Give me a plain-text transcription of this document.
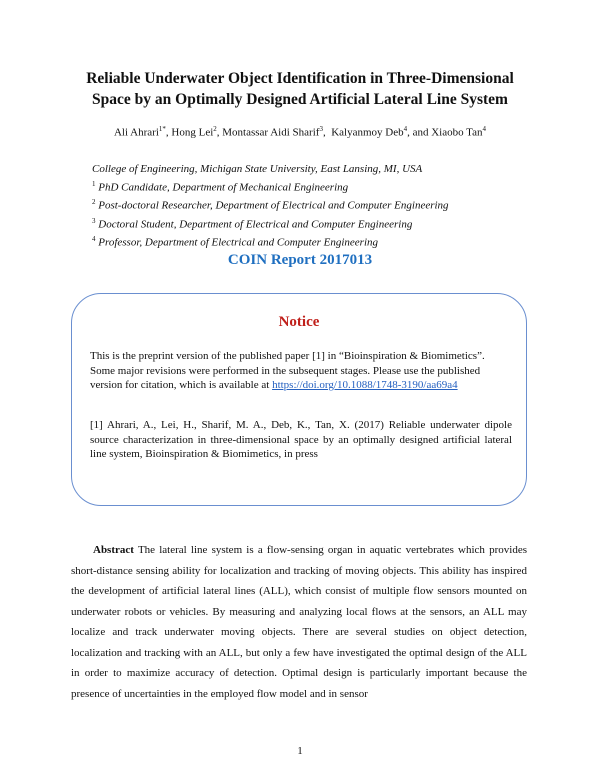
Reliable Underwater Object Identification in Three-Dimensional
Space by an Optimally Designed Artificial Lateral Line System
Ali Ahrari$^{1*}$, Hong Lei$^2$, Montassar Aidi Sharif$^3$,  Kalyanmoy Deb$^4$, and Xiaobo Tan$^4$
College of Engineering, Michigan State University, East Lansing, MI, USA
$^1$ PhD Candidate, Department of Mechanical Engineering
$^2$ Post-doctoral Researcher, Department of Electrical and Computer Engineering
$^3$ Doctoral Student, Department of Electrical and Computer Engineering
$^4$ Professor, Department of Electrical and Computer Engineering
COIN Report 2017013
Notice
This is the preprint version of the published paper [1] in “Bioinspiration & Biomimetics”. Some major revisions were performed in the subsequent stages. Please use the published version for citation, which is available at https://doi.org/10.1088/1748-3190/aa69a4
[1] Ahrari, A., Lei, H., Sharif, M. A., Deb, K., Tan, X. (2017) Reliable underwater dipole source characterization in three-dimensional space by an optimally designed artificial lateral line system, Bioinspiration & Biomimetics, in press

Abstract The lateral line system is a flow-sensing organ in aquatic vertebrates which provides short-distance sensing ability for localization and tracking of moving objects. This ability has inspired the development of artificial lateral lines (ALL), which consist of multiple flow sensors mounted on underwater robots or vehicles. By measuring and analyzing local flows at the sensors, an ALL may localize and track underwater moving objects. There are several studies on object detection, localization and tracking with an ALL, but only a few have investigated the optimal design of the ALL in order to maximize accuracy of detection. Optimal design is particularly important because the presence of uncertainties in the employed flow model and in sensor

1
